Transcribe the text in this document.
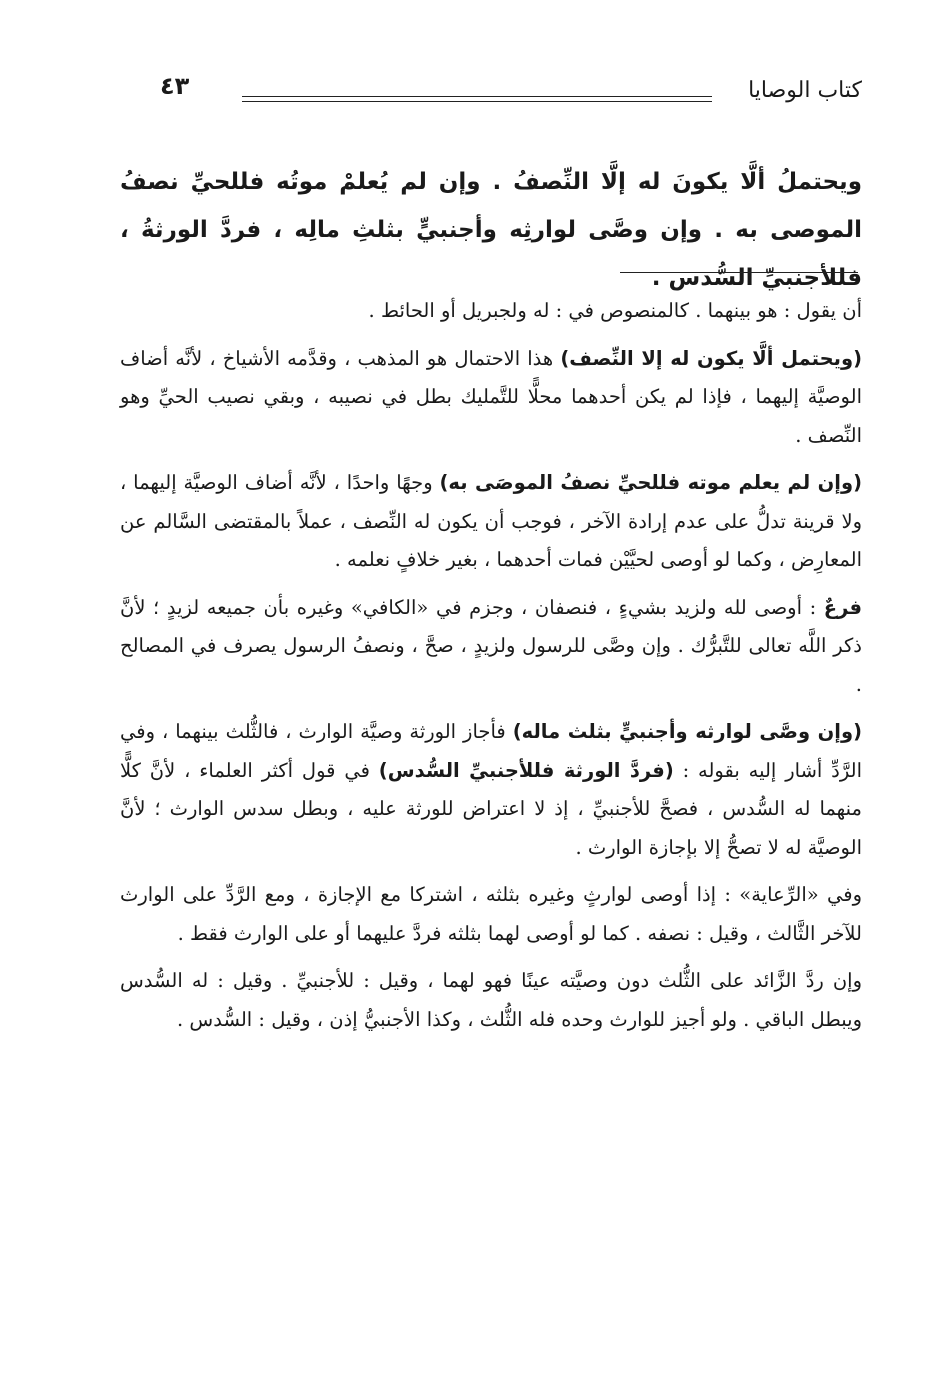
كتاب الوصايا
٤٣
ويحتملُ ألَّا يكونَ له إلَّا النِّصفُ . وإن لم يُعلمْ موتُه فللحيِّ نصفُ الموصى به . وإن وصَّى لوارثِه وأجنبيٍّ بثلثِ مالِه ، فردَّ الورثةُ ، فللأجنبيِّ السُّدس .

أن يقول : هو بينهما . كالمنصوص في : له ولجبريل أو الحائط .

(ويحتمل ألَّا يكون له إلا النِّصف) هذا الاحتمال هو المذهب ، وقدَّمه الأشياخ ، لأنَّه أضاف الوصيَّة إليهما ، فإذا لم يكن أحدهما محلًّا للتَّمليك بطل في نصيبه ، وبقي نصيب الحيِّ وهو النِّصف .

(وإن لم يعلم موته فللحيِّ نصفُ الموصَى به) وجهًا واحدًا ، لأنَّه أضاف الوصيَّة إليهما ، ولا قرينة تدلُّ على عدم إرادة الآخر ، فوجب أن يكون له النِّصف ، عملاً بالمقتضى السَّالم عن المعارِض ، وكما لو أوصى لحيَّيْن فمات أحدهما ، بغير خلافٍ نعلمه .

فرعٌ : أوصى لله ولزيد بشيءٍ ، فنصفان ، وجزم في «الكافي» وغيره بأن جميعه لزيدٍ ؛ لأنَّ ذكر اللَّه تعالى للتَّبرُّك . وإن وصَّى للرسول ولزيدٍ ، صحَّ ، ونصفُ الرسول يصرف في المصالح .

(وإن وصَّى لوارثه وأجنبيٍّ بثلث ماله) فأجاز الورثة وصيَّة الوارث ، فالثُّلث بينهما ، وفي الرَّدِّ أشار إليه بقوله : (فردَّ الورثة فللأجنبيِّ السُّدس) في قول أكثر العلماء ، لأنَّ كلًّا منهما له السُّدس ، فصحَّ للأجنبيِّ ، إذ لا اعتراض للورثة عليه ، وبطل سدس الوارث ؛ لأنَّ الوصيَّة له لا تصحُّ إلا بإجازة الوارث .

وفي «الرِّعاية» : إذا أوصى لوارثٍ وغيره بثلثه ، اشتركا مع الإجازة ، ومع الرَّدِّ على الوارث للآخر الثَّالث ، وقيل : نصفه . كما لو أوصى لهما بثلثه فردَّ عليهما أو على الوارث فقط .

وإن ردَّ الزَّائد على الثُّلث دون وصيَّته عينًا فهو لهما ، وقيل : للأجنبيِّ . وقيل : له السُّدس ويبطل الباقي . ولو أجيز للوارث وحده فله الثُّلث ، وكذا الأجنبيُّ إذن ، وقيل : السُّدس .
